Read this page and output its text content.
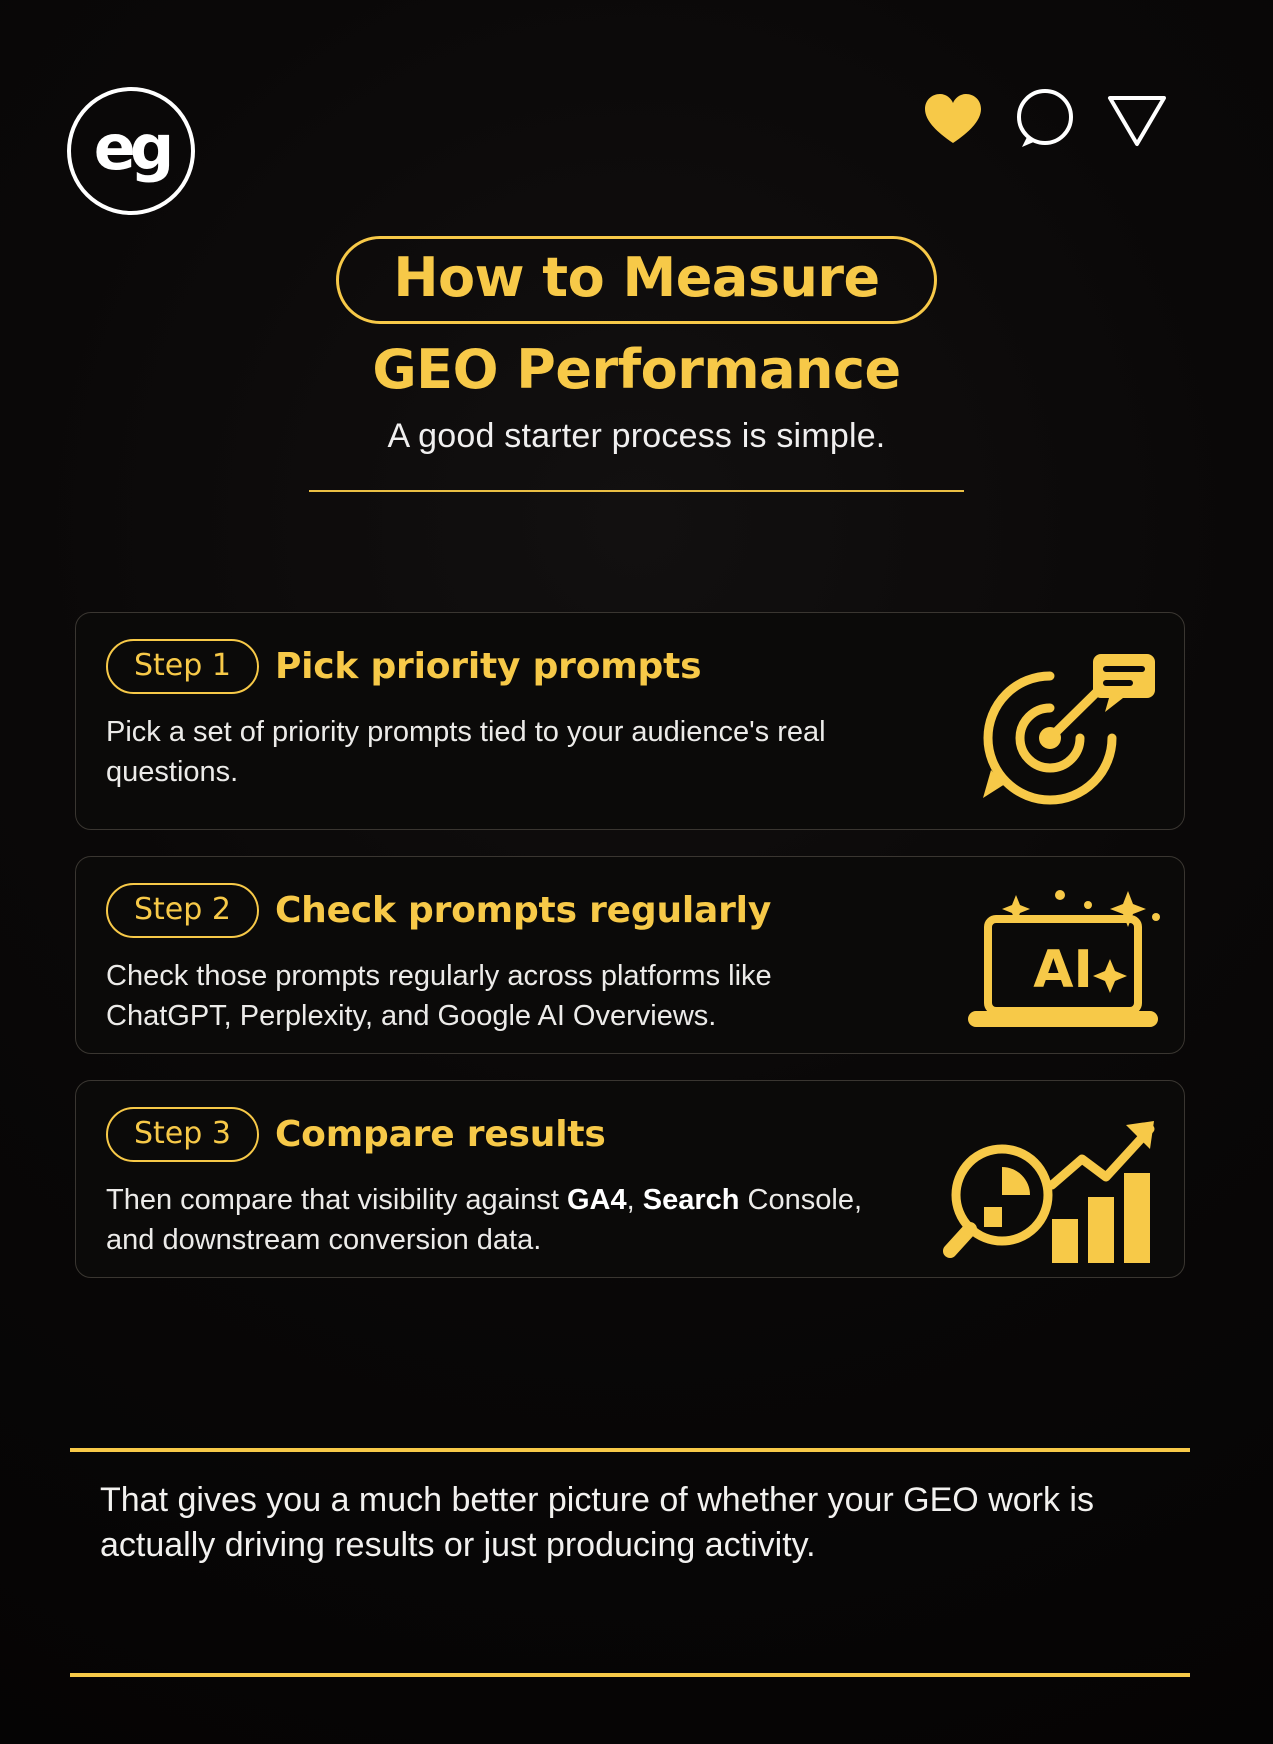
eg
How to Measure
GEO Performance
A good starter process is simple.
Step 1	Pick priority prompts
Pick a set of priority prompts tied to your audience's real questions.
Step 2	Check prompts regularly
Check those prompts regularly across platforms like ChatGPT, Perplexity, and Google AI Overviews.
AI
Step 3	Compare results
Then compare that visibility against GA4, Search Console, and downstream conversion data.
That gives you a much better picture of whether your GEO work is actually driving results or just producing activity.
